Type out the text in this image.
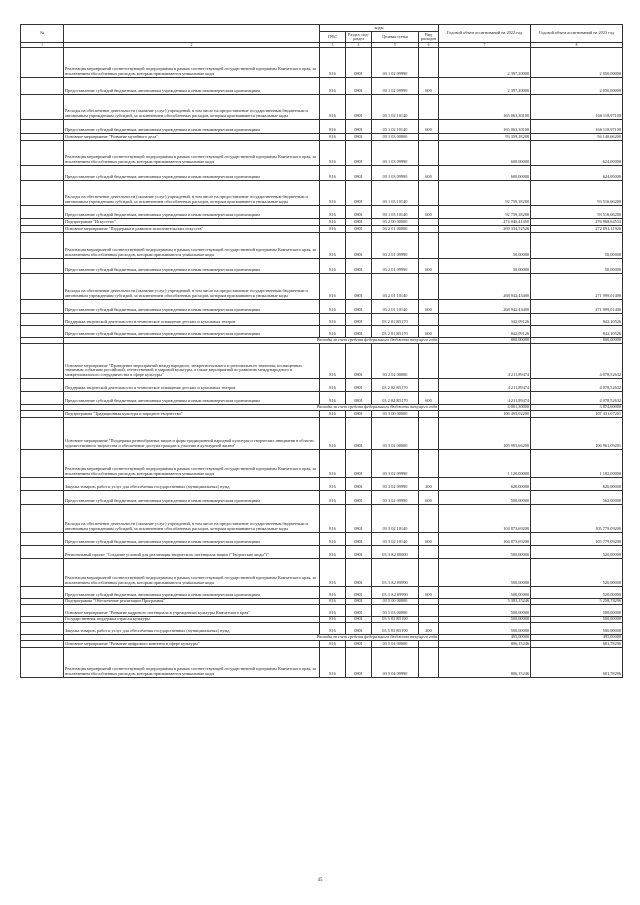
№		коды				Годовой объем ассигнований на 2022 год	Годовой объем ассигнований на 2023 год
		ГРБС	Раздел, под-раздел	Целевая статья	Вид расходов		
1	2	3	4	5	6	7	8
	Реализация мероприятий соответствующей подпрограммы в рамках соответствующей государственной программы Камчатского края, за исключением обособленных расходов, которым присваиваются уникальные коды	816	0801	03 1 02 09990		2 397,20000	2 050,00000
	Предоставление субсидий бюджетным, автономным учреждениям и иным некоммерческим организациям	816	0801	03 1 02 09990	600	2 397,20000	2 050,00000
	Расходы на обеспечение деятельности (оказание услуг) учреждений, в том числе на предоставление государственным бюджетным и автономным учреждениям субсидий, за исключением обособленных расходов, которым присваиваются уникальные коды	816	0801	03 1 02 10140		165 063,30100	166 118,97100
	Предоставление субсидий бюджетным, автономным учреждениям и иным некоммерческим организациям	816	0801	03 1 02 10140	600	165 063,30100	166 118,97100
	Основное мероприятие "Развитие музейного дела"	816	0801	03 1 03 00000		93 359,18200	94 140,66200
	Реализация мероприятий соответствующей подпрограммы в рамках соответствующей государственной программы Камчатского края, за исключением обособленных расходов, которым присваиваются уникальные коды	816	0801	03 1 03 09990		600,00000	624,00000
	Предоставление субсидий бюджетным, автономным учреждениям и иным некоммерческим организациям	816	0801	03 1 03 09990	600	600,00000	624,00000
	Расходы на обеспечение деятельности (оказание услуг) учреждений, в том числе на предоставление государственным бюджетным и автономным учреждениям субсидий, за исключением обособленных расходов, которым присваиваются уникальные коды	816	0801	03 1 03 10140		92 759,18200	93 516,66200
	Предоставление субсидий бюджетным, автономным учреждениям и иным некоммерческим организациям	816	0801	03 1 03 10140	600	92 759,18200	93 516,66200
	Подпрограмма "Искусство"	816	0801	03 2 00 00000		274 046,41450	276 968,64533
	Основное мероприятие "Поддержка и развитие исполнительских искусств"	816	0801	03 2 01 00000		269 334,52526	272 891,11926
	Реализация мероприятий соответствующей подпрограммы в рамках соответствующей государственной программы Камчатского края, за исключением обособленных расходов, которым присваиваются уникальные коды	816	0801	03 2 01 09990		50,00000	50,00000
	Предоставление субсидий бюджетным, автономным учреждениям и иным некоммерческим организациям	816	0801	03 2 01 09990	600	50,00000	50,00000
	Расходы на обеспечение деятельности (оказание услуг) учреждений, в том числе на предоставление государственным бюджетным и автономным учреждениям субсидий, за исключением обособленных расходов, которым присваиваются уникальные коды	816	0801	03 2 01 10140		268 942,43400	271 999,01400
	Предоставление субсидий бюджетным, автономным учреждениям и иным некоммерческим организациям	816	0801	03 2 01 10140	600	268 942,43400	271 999,01400
	Поддержка творческой деятельности и техническое оснащение детских и кукольных театров	816	0801	03 2 01 R5170		342,09126	842,10526
	Предоставление субсидий бюджетным, автономным учреждениям и иным некоммерческим организациям	816	0801	03 2 01 R5170	600	842,09126	842,10526
	Расходы за счет средств федерального бюджета текущего года					800,00000	800,00000
	Основное мероприятие "Проведение мероприятий международного, межрегионального и регионального значения, посвященных значимым событиям российской, отечественной и мировой культуры, а также мероприятий по развитию международного и межрегионального сотрудничества в сфере культуры"	816	0801	03 2 02 00000		4 211,89474	4 078,52632
	Поддержка творческой деятельности и техническое оснащение детских и кукольных театров	816	0801	03 2 02 R5170		4 211,89474	4 078,52632
	Предоставление субсидий бюджетным, автономным учреждениям и иным некоммерческим организациям	816	0801	03 2 02 R5170	600	4 211,89474	4 078,52632
	Расходы за счет средств федерального бюджета текущего года					4 001,30000	3 874,60000
	Подпрограмма "Традиционная культура и народное творчество"	816	0801	03 3 00 00000		106 493,02200	107 431,07201
	Основное мероприятие "Поддержка разнообразных видов и форм традиционной народной культуры и творческих инициатив в области художественного творчества и обеспечение доступа граждан к участию в культурной жизни"	816	0801	03 3 02 00000		105 993,66200	106 961,09201
	Реализация мероприятий соответствующей подпрограммы в рамках соответствующей государственной программы Камчатского края, за исключением обособленных расходов, которым присваиваются уникальные коды	816	0801	03 3 02 09990		1 120,00000	1 182,00000
	Закупка товаров, работ и услуг для обеспечения государственных (муниципальных) нужд	816	0801	03 3 02 09990	200	620,00000	620,00000
	Предоставление субсидий бюджетным, автономным учреждениям и иным некоммерческим организациям	816	0801	03 3 02 09990	600	500,00000	562,00000
	Расходы на обеспечение деятельности (оказание услуг) учреждений, в том числе на предоставление государственным бюджетным и автономным учреждениям субсидий, за исключением обособленных расходов, которым присваиваются уникальные коды	816	0801	03 3 02 10140		104 873,69200	105 779,09200
	Предоставление субсидий бюджетным, автономным учреждениям и иным некоммерческим организациям	816	0801	03 3 02 10140	600	104 873,69200	105 779,09200
	Региональный проект "Создание условий для реализации творческого потенциала нации ("Творческие люди")"	816	0801	03 3 A2 00000		500,00000	520,00000
	Реализация мероприятий соответствующей подпрограммы в рамках соответствующей государственной программы Камчатского края, за исключением обособленных расходов, которым присваиваются уникальные коды	816	0801	03 3 A2 09990		500,00000	520,00000
	Предоставление субсидий бюджетным, автономным учреждениям и иным некоммерческим организациям	816	0801	03 3 A2 09990	600	500,00000	520,00000
	Подпрограмма "Обеспечение реализации Программы"	816	0801	03 5 00 00000		5 383,15246	5 258,78296
	Основное мероприятие "Развитие кадрового потенциала в учреждениях культуры Камчатского края"	816	0801	03 5 03 00000		500,00000	500,00000
	Государственная поддержка отрасли культуры	816	0801	03 5 03 R5190		500,00000	500,00000
	Закупка товаров, работ и услуг для обеспечения государственных (муниципальных) нужд	816	0801	03 5 03 R5190	200	500,00000	500,00000
	Расходы за счет средств федерального бюджета текущего года					495,00000	495,00000
	Основное мероприятие "Развитие цифрового контента в сфере культуры"	816	0801	03 5 04 00000		806,15246	681,78296
	Реализация мероприятий соответствующей подпрограммы в рамках соответствующей государственной программы Камчатского края, за исключением обособленных расходов, которым присваиваются уникальные коды	816	0801	03 5 04 09990		806,15246	681,78296
45
